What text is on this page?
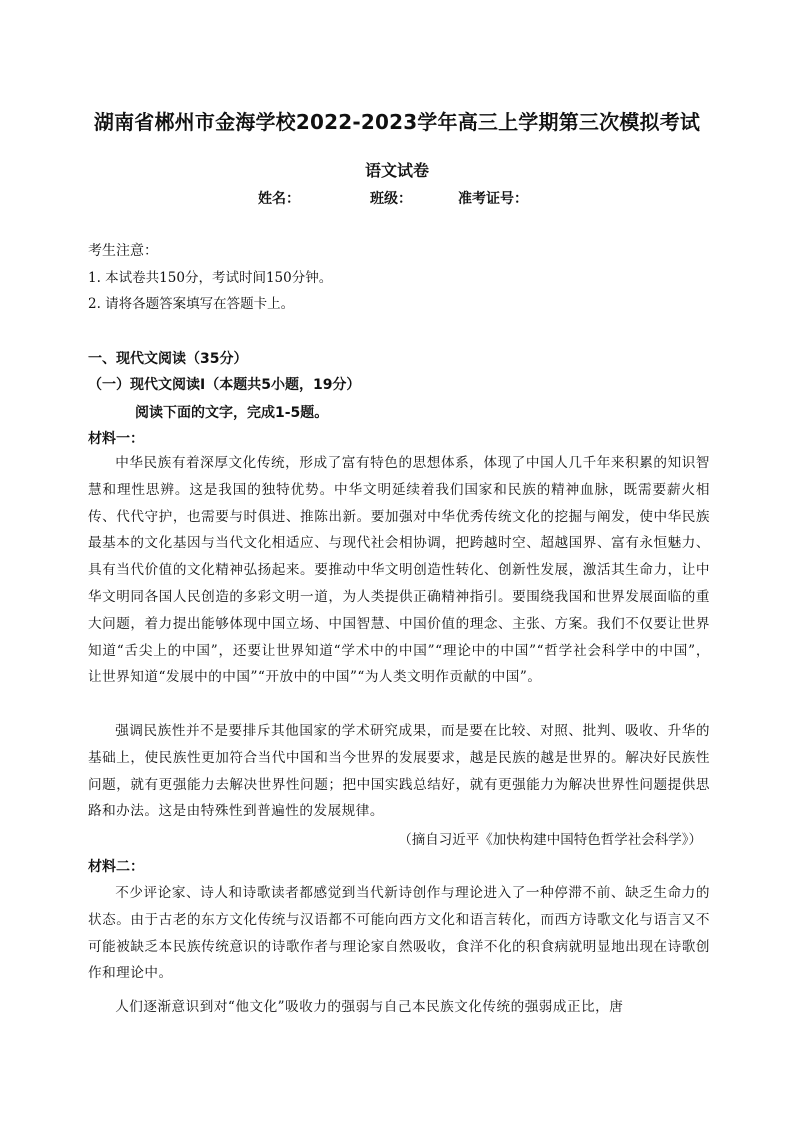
湖南省郴州市金海学校2022-2023学年高三上学期第三次模拟考试
语文试卷
姓名：	班级：	准考证号：
考生注意：
1. 本试卷共150分，考试时间150分钟。
2. 请将各题答案填写在答题卡上。
一、现代文阅读（35分）
（一）现代文阅读Ⅰ（本题共5小题，19分）
阅读下面的文字，完成1-5题。
材料一：
中华民族有着深厚文化传统，形成了富有特色的思想体系，体现了中国人几千年来积累的知识智慧和理性思辨。这是我国的独特优势。中华文明延续着我们国家和民族的精神血脉，既需要薪火相传、代代守护，也需要与时俱进、推陈出新。要加强对中华优秀传统文化的挖掘与阐发，使中华民族最基本的文化基因与当代文化相适应、与现代社会相协调，把跨越时空、超越国界、富有永恒魅力、具有当代价值的文化精神弘扬起来。要推动中华文明创造性转化、创新性发展，激活其生命力，让中华文明同各国人民创造的多彩文明一道，为人类提供正确精神指引。要围绕我国和世界发展面临的重大问题，着力提出能够体现中国立场、中国智慧、中国价值的理念、主张、方案。我们不仅要让世界知道“舌尖上的中国”，还要让世界知道“学术中的中国”“理论中的中国”“哲学社会科学中的中国”，让世界知道“发展中的中国”“开放中的中国”“为人类文明作贡献的中国”。
强调民族性并不是要排斥其他国家的学术研究成果，而是要在比较、对照、批判、吸收、升华的基础上，使民族性更加符合当代中国和当今世界的发展要求，越是民族的越是世界的。解决好民族性问题，就有更强能力去解决世界性问题；把中国实践总结好，就有更强能力为解决世界性问题提供思路和办法。这是由特殊性到普遍性的发展规律。
（摘自习近平《加快构建中国特色哲学社会科学》）
材料二：
不少评论家、诗人和诗歌读者都感觉到当代新诗创作与理论进入了一种停滞不前、缺乏生命力的状态。由于古老的东方文化传统与汉语都不可能向西方文化和语言转化，而西方诗歌文化与语言又不可能被缺乏本民族传统意识的诗歌作者与理论家自然吸收，食洋不化的积食病就明显地出现在诗歌创作和理论中。
人们逐渐意识到对“他文化”吸收力的强弱与自己本民族文化传统的强弱成正比，唐
